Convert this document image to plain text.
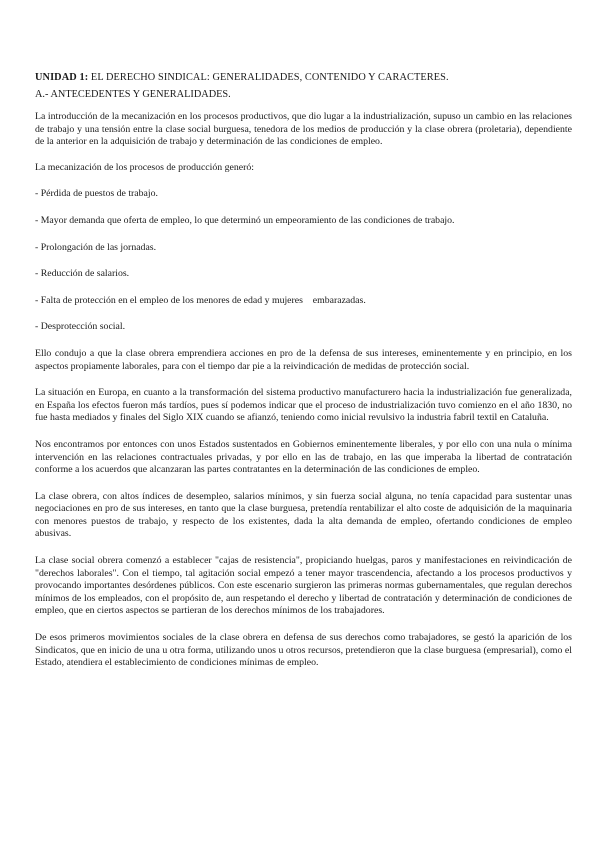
UNIDAD 1: EL DERECHO SINDICAL: GENERALIDADES, CONTENIDO Y CARACTERES.
A.- ANTECEDENTES Y GENERALIDADES.

La introducción de la mecanización en los procesos productivos, que dio lugar a la industrialización, supuso un cambio en las relaciones de trabajo y una tensión entre la clase social burguesa, tenedora de los medios de producción y la clase obrera (proletaria), dependiente de la anterior en la adquisición de trabajo y determinación de las condiciones de empleo.

La mecanización de los procesos de producción generó:

- Pérdida de puestos de trabajo.

- Mayor demanda que oferta de empleo, lo que determinó un empeoramiento de las condiciones de trabajo.

- Prolongación de las jornadas.

- Reducción de salarios.

- Falta de protección en el empleo de los menores de edad y mujeres    embarazadas.

- Desprotección social.

Ello condujo a que la clase obrera emprendiera acciones en pro de la defensa de sus intereses, eminentemente y en principio, en los aspectos propiamente laborales, para con el tiempo dar pie a la reivindicación de medidas de protección social.

La situación en Europa, en cuanto a la transformación del sistema productivo manufacturero hacia la industrialización fue generalizada, en España los efectos fueron más tardíos, pues sí podemos indicar que el proceso de industrialización tuvo comienzo en el año 1830, no fue hasta mediados y finales del Siglo XIX cuando se afianzó, teniendo como inicial revulsivo la industria fabril textil en Cataluña.

Nos encontramos por entonces con unos Estados sustentados en Gobiernos eminentemente liberales, y por ello con una nula o mínima intervención en las relaciones contractuales privadas, y por ello en las de trabajo, en las que imperaba la libertad de contratación conforme a los acuerdos que alcanzaran las partes contratantes en la determinación de las condiciones de empleo.

La clase obrera, con altos índices de desempleo, salarios mínimos, y sin fuerza social alguna, no tenía capacidad para sustentar unas negociaciones en pro de sus intereses, en tanto que la clase burguesa, pretendía rentabilizar el alto coste de adquisición de la maquinaria con menores puestos de trabajo, y respecto de los existentes, dada la alta demanda de empleo, ofertando condiciones de empleo abusivas.

La clase social obrera comenzó a establecer "cajas de resistencia", propiciando huelgas, paros y manifestaciones en reivindicación de "derechos laborales". Con el tiempo, tal agitación social empezó a tener mayor trascendencia, afectando a los procesos productivos y provocando importantes desórdenes públicos. Con este escenario surgieron las primeras normas gubernamentales, que regulan derechos mínimos de los empleados, con el propósito de, aun respetando el derecho y libertad de contratación y determinación de condiciones de empleo, que en ciertos aspectos se partieran de los derechos mínimos de los trabajadores.

De esos primeros movimientos sociales de la clase obrera en defensa de sus derechos como trabajadores, se gestó la aparición de los Sindicatos, que en inicio de una u otra forma, utilizando unos u otros recursos, pretendieron que la clase burguesa (empresarial), como el Estado, atendiera el establecimiento de condiciones mínimas de empleo.
